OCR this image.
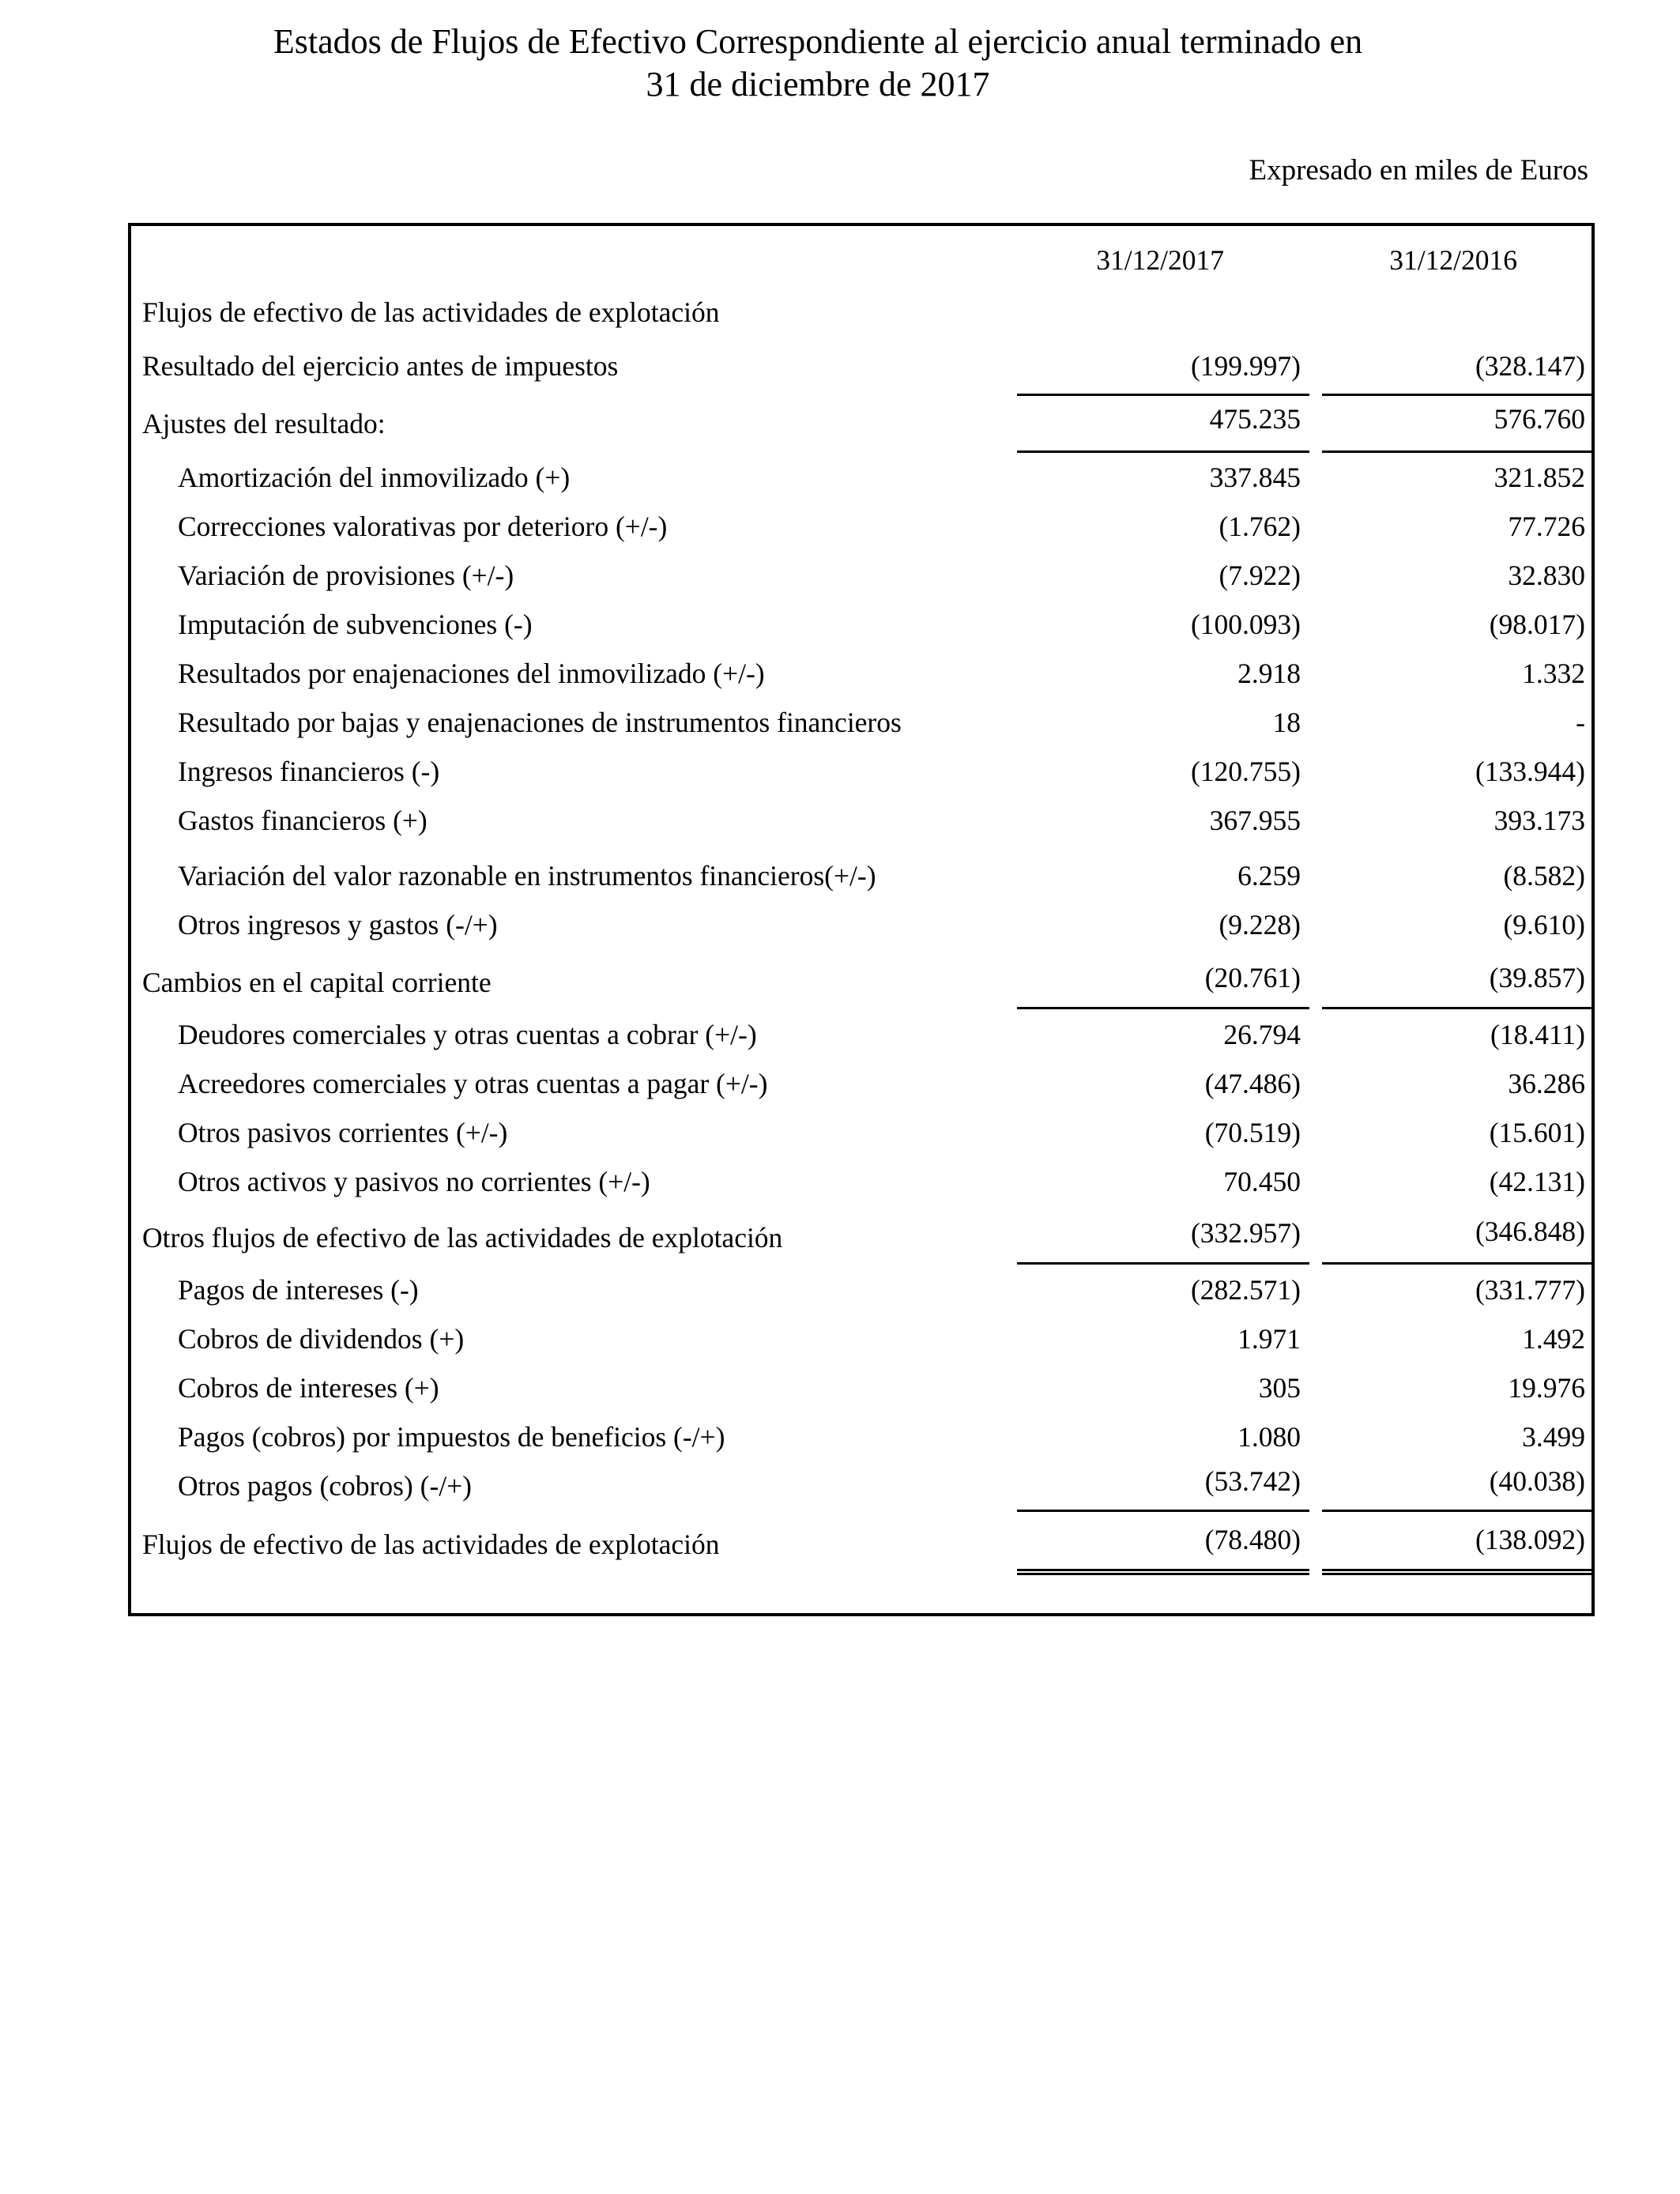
Estados de Flujos de Efectivo Correspondiente al ejercicio anual terminado en
31 de diciembre de 2017
Expresado en miles de Euros
31/12/2017	31/12/2016
Flujos de efectivo de las actividades de explotación
Resultado del ejercicio antes de impuestos	(199.997)	(328.147)
Ajustes del resultado:	475.235	576.760
Amortización del inmovilizado (+)	337.845	321.852
Correcciones valorativas por deterioro (+/-)	(1.762)	77.726
Variación de provisiones (+/-)	(7.922)	32.830
Imputación de subvenciones (-)	(100.093)	(98.017)
Resultados por enajenaciones del inmovilizado (+/-)	2.918	1.332
Resultado por bajas y enajenaciones de instrumentos financieros	18	-
Ingresos financieros (-)	(120.755)	(133.944)
Gastos financieros (+)	367.955	393.173
Variación del valor razonable en instrumentos financieros(+/-)	6.259	(8.582)
Otros ingresos y gastos (-/+)	(9.228)	(9.610)
Cambios en el capital corriente	(20.761)	(39.857)
Deudores comerciales y otras cuentas a cobrar (+/-)	26.794	(18.411)
Acreedores comerciales y otras cuentas a pagar (+/-)	(47.486)	36.286
Otros pasivos corrientes (+/-)	(70.519)	(15.601)
Otros activos y pasivos no corrientes (+/-)	70.450	(42.131)
Otros flujos de efectivo de las actividades de explotación	(332.957)	(346.848)
Pagos de intereses (-)	(282.571)	(331.777)
Cobros de dividendos (+)	1.971	1.492
Cobros de intereses (+)	305	19.976
Pagos (cobros) por impuestos de beneficios (-/+)	1.080	3.499
Otros pagos (cobros) (-/+)	(53.742)	(40.038)
Flujos de efectivo de las actividades de explotación	(78.480)	(138.092)
